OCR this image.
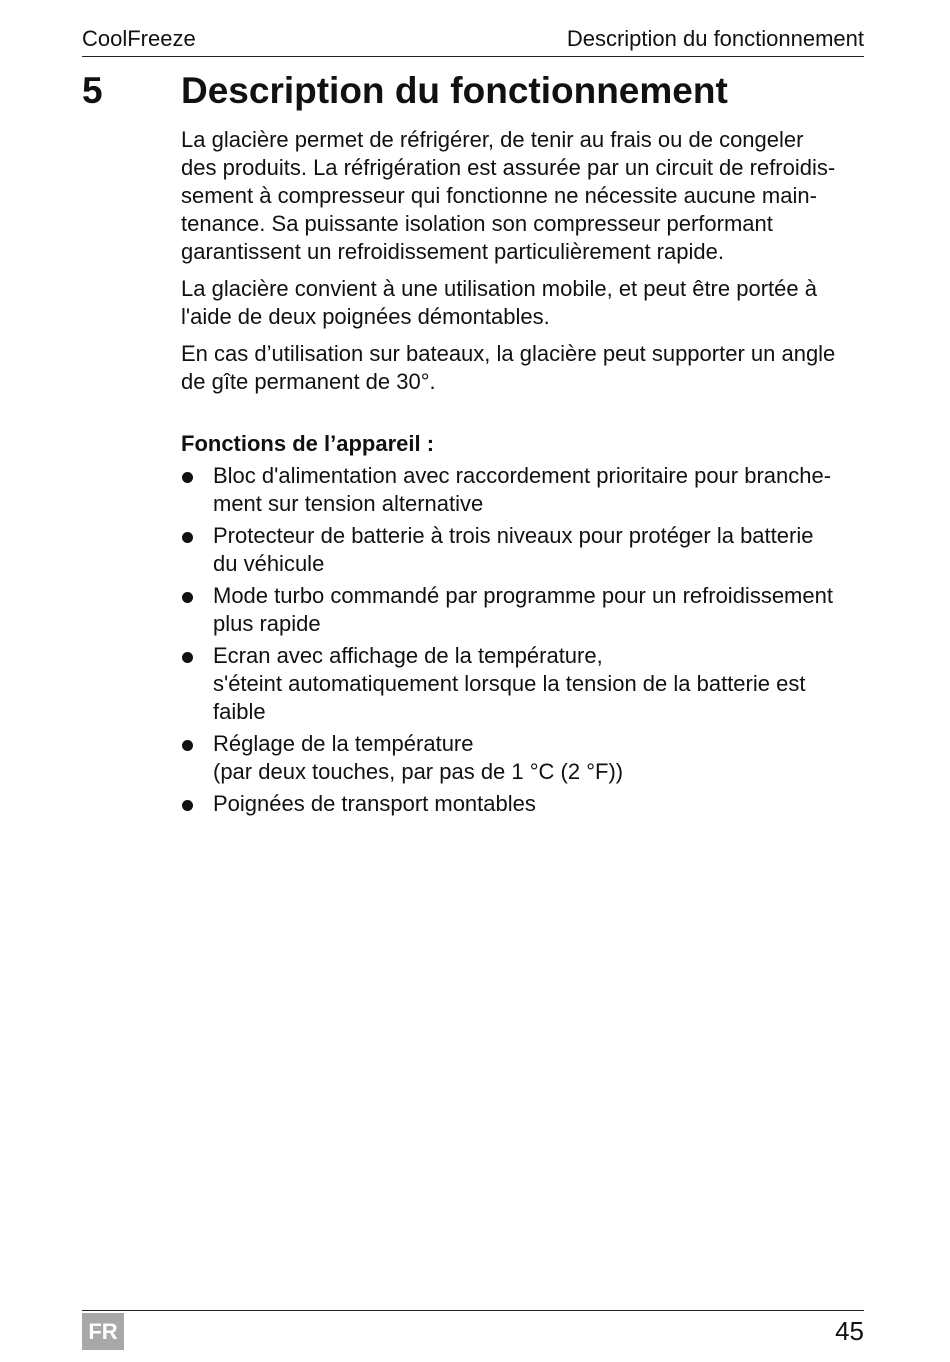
CoolFreeze	Description du fonctionnement
5 Description du fonctionnement

La glacière permet de réfrigérer, de tenir au frais ou de congeler
des produits. La réfrigération est assurée par un circuit de refroidis-
sement à compresseur qui fonctionne ne nécessite aucune main-
tenance. Sa puissante isolation son compresseur performant
garantissent un refroidissement particulièrement rapide.

La glacière convient à une utilisation mobile, et peut être portée à
l'aide de deux poignées démontables.

En cas d’utilisation sur bateaux, la glacière peut supporter un angle
de gîte permanent de 30°.

Fonctions de l’appareil :
Bloc d'alimentation avec raccordement prioritaire pour branche-
ment sur tension alternative
Protecteur de batterie à trois niveaux pour protéger la batterie
du véhicule
Mode turbo commandé par programme pour un refroidissement
plus rapide
Ecran avec affichage de la température,
s'éteint automatiquement lorsque la tension de la batterie est
faible
Réglage de la température
(par deux touches, par pas de 1 °C (2 °F))
Poignées de transport montables
FR	45
